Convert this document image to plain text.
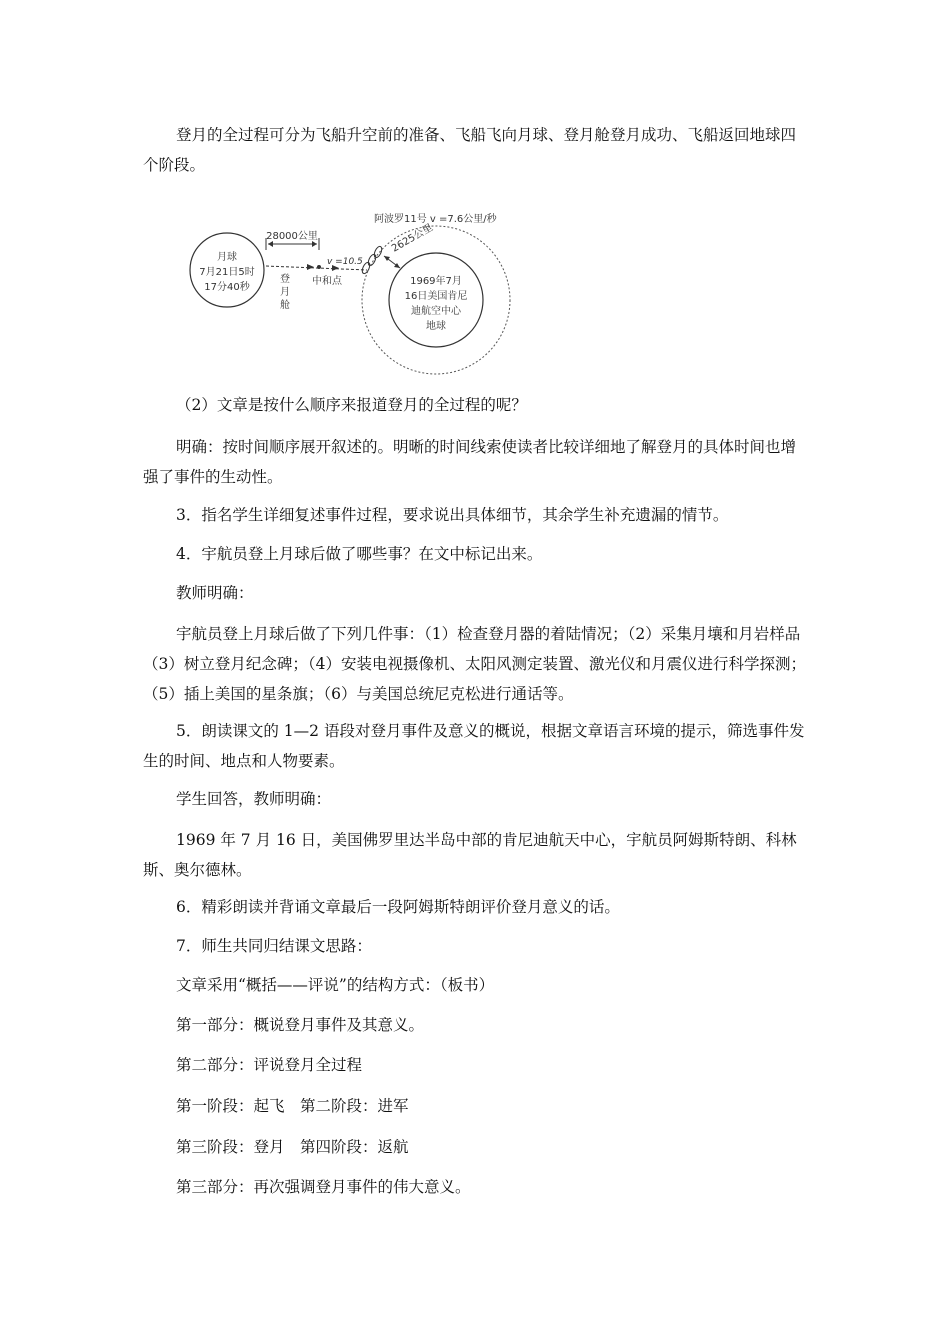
登月的全过程可分为飞船升空前的准备、飞船飞向月球、登月舱登月成功、飞船返回地球四个阶段。

月球
7月21日5时
17分40秒
28000公里
登
月
舱
v =10.5
中和点
阿波罗11号 v =7.6公里/秒
2625公里
1969年7月
16日美国肯尼
迪航空中心
地球

（2）文章是按什么顺序来报道登月的全过程的呢？

明确：按时间顺序展开叙述的。明晰的时间线索使读者比较详细地了解登月的具体时间也增强了事件的生动性。

3．指名学生详细复述事件过程，要求说出具体细节，其余学生补充遗漏的情节。

4．宇航员登上月球后做了哪些事？在文中标记出来。

教师明确：

宇航员登上月球后做了下列几件事：（1）检查登月器的着陆情况；（2）采集月壤和月岩样品（3）树立登月纪念碑；（4）安装电视摄像机、太阳风测定装置、激光仪和月震仪进行科学探测；（5）插上美国的星条旗；（6）与美国总统尼克松进行通话等。

5．朗读课文的 1—2 语段对登月事件及意义的概说，根据文章语言环境的提示，筛选事件发生的时间、地点和人物要素。

学生回答，教师明确：

1969 年 7 月 16 日，美国佛罗里达半岛中部的肯尼迪航天中心，宇航员阿姆斯特朗、科林斯、奥尔德林。

6．精彩朗读并背诵文章最后一段阿姆斯特朗评价登月意义的话。

7．师生共同归结课文思路：

文章采用“概括——评说”的结构方式：（板书）

第一部分：概说登月事件及其意义。

第二部分：评说登月全过程

第一阶段：起飞　第二阶段：进军

第三阶段：登月　第四阶段：返航

第三部分：再次强调登月事件的伟大意义。
